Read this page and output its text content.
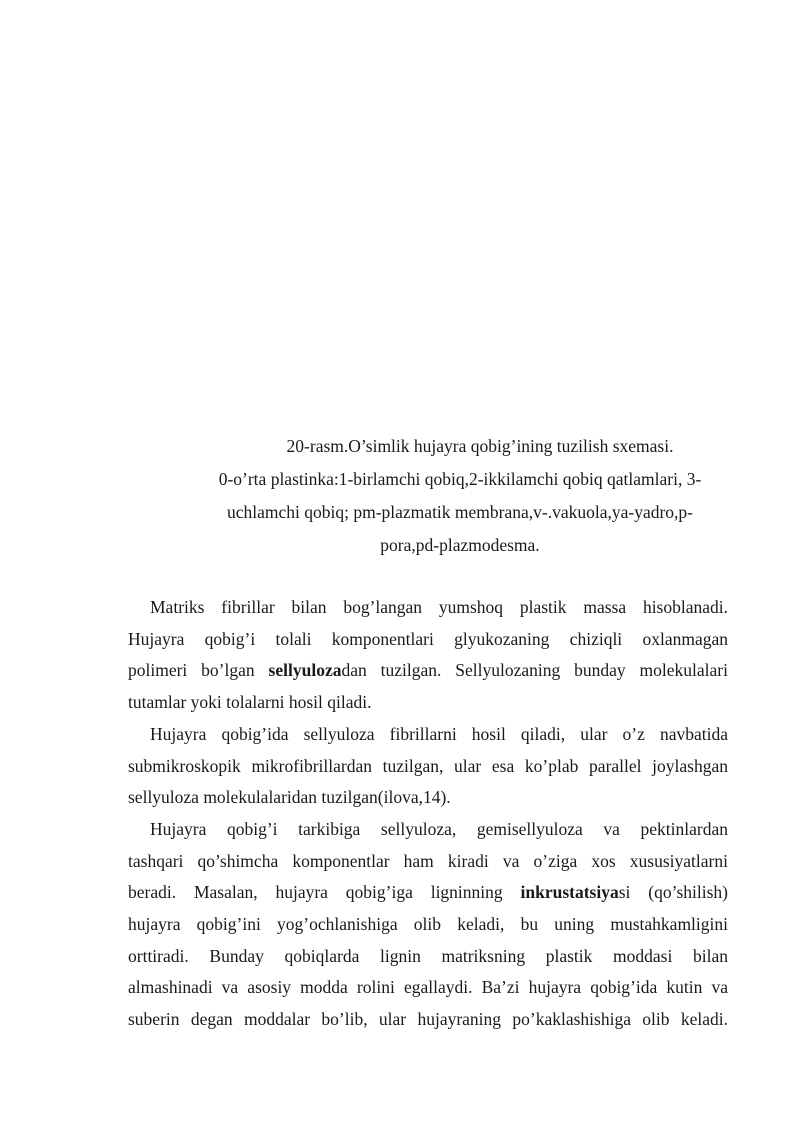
20-rasm.O’simlik hujayra qobig’ining tuzilish sxemasi.
0-o’rta plastinka:1-birlamchi qobiq,2-ikkilamchi qobiq qatlamlari, 3-
uchlamchi qobiq; pm-plazmatik membrana,v-.vakuola,ya-yadro,p-
pora,pd-plazmodesma.

Matriks fibrillar bilan bog’langan yumshoq plastik massa hisoblanadi.
Hujayra qobig’i tolali komponentlari glyukozaning chiziqli oxlanmagan
polimeri bo’lgan sellyulozadan tuzilgan. Sellyulozaning bunday molekulalari
tutamlar yoki tolalarni hosil qiladi.

Hujayra qobig’ida sellyuloza fibrillarni hosil qiladi, ular o’z navbatida
submikroskopik mikrofibrillardan tuzilgan, ular esa ko’plab parallel joylashgan
sellyuloza molekulalaridan tuzilgan(ilova,14).

Hujayra qobig’i tarkibiga sellyuloza, gemisellyuloza va pektinlardan
tashqari qo’shimcha komponentlar ham kiradi va o’ziga xos xususiyatlarni
beradi. Masalan, hujayra qobig’iga ligninning inkrustatsiyasi (qo’shilish)
hujayra qobig’ini yog’ochlanishiga olib keladi, bu uning mustahkamligini
orttiradi. Bunday qobiqlarda lignin matriksning plastik moddasi bilan
almashinadi va asosiy modda rolini egallaydi. Ba’zi hujayra qobig’ida kutin va
suberin degan moddalar bo’lib, ular hujayraning po’kaklashishiga olib keladi.
